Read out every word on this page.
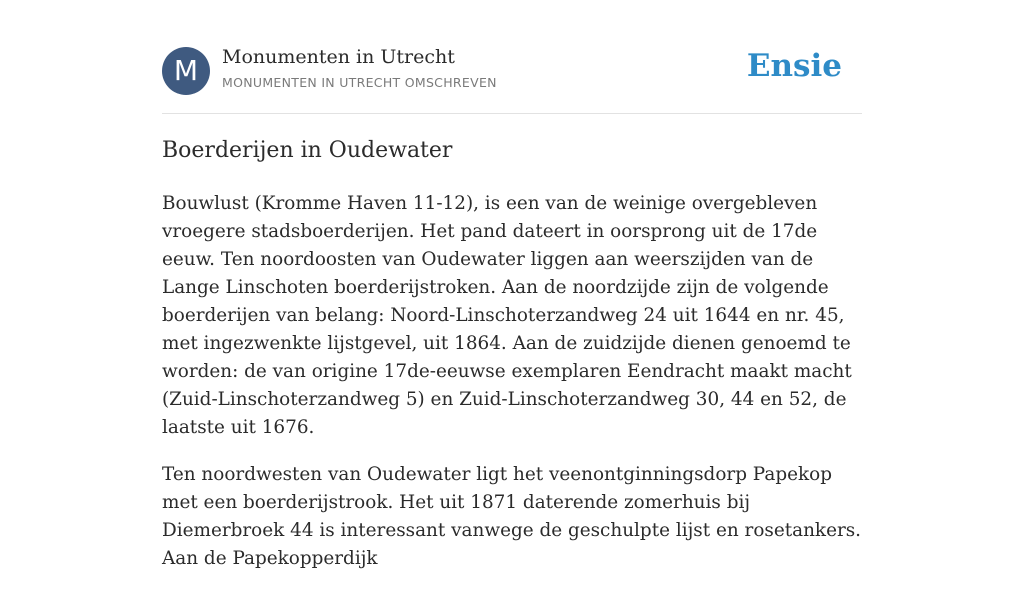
M	Monumenten in Utrecht
MONUMENTEN IN UTRECHT OMSCHREVEN	Ensie
Boerderijen in Oudewater

Bouwlust (Kromme Haven 11-12), is een van de weinige overgebleven vroegere stadsboerderijen. Het pand dateert in oorsprong uit de 17de eeuw. Ten noordoosten van Oudewater liggen aan weerszijden van de Lange Linschoten boerderijstroken. Aan de noordzijde zijn de volgende boerderijen van belang: Noord-Linschoterzandweg 24 uit 1644 en nr. 45, met ingezwenkte lijstgevel, uit 1864. Aan de zuidzijde dienen genoemd te worden: de van origine 17de-eeuwse exemplaren Eendracht maakt macht (Zuid-Linschoterzandweg 5) en Zuid-Linschoterzandweg 30, 44 en 52, de laatste uit 1676.

Ten noordwesten van Oudewater ligt het veenontginningsdorp Papekop met een boerderijstrook. Het uit 1871 daterende zomerhuis bij Diemerbroek 44 is interessant vanwege de geschulpte lijst en rosetankers. Aan de Papekopperdijk
